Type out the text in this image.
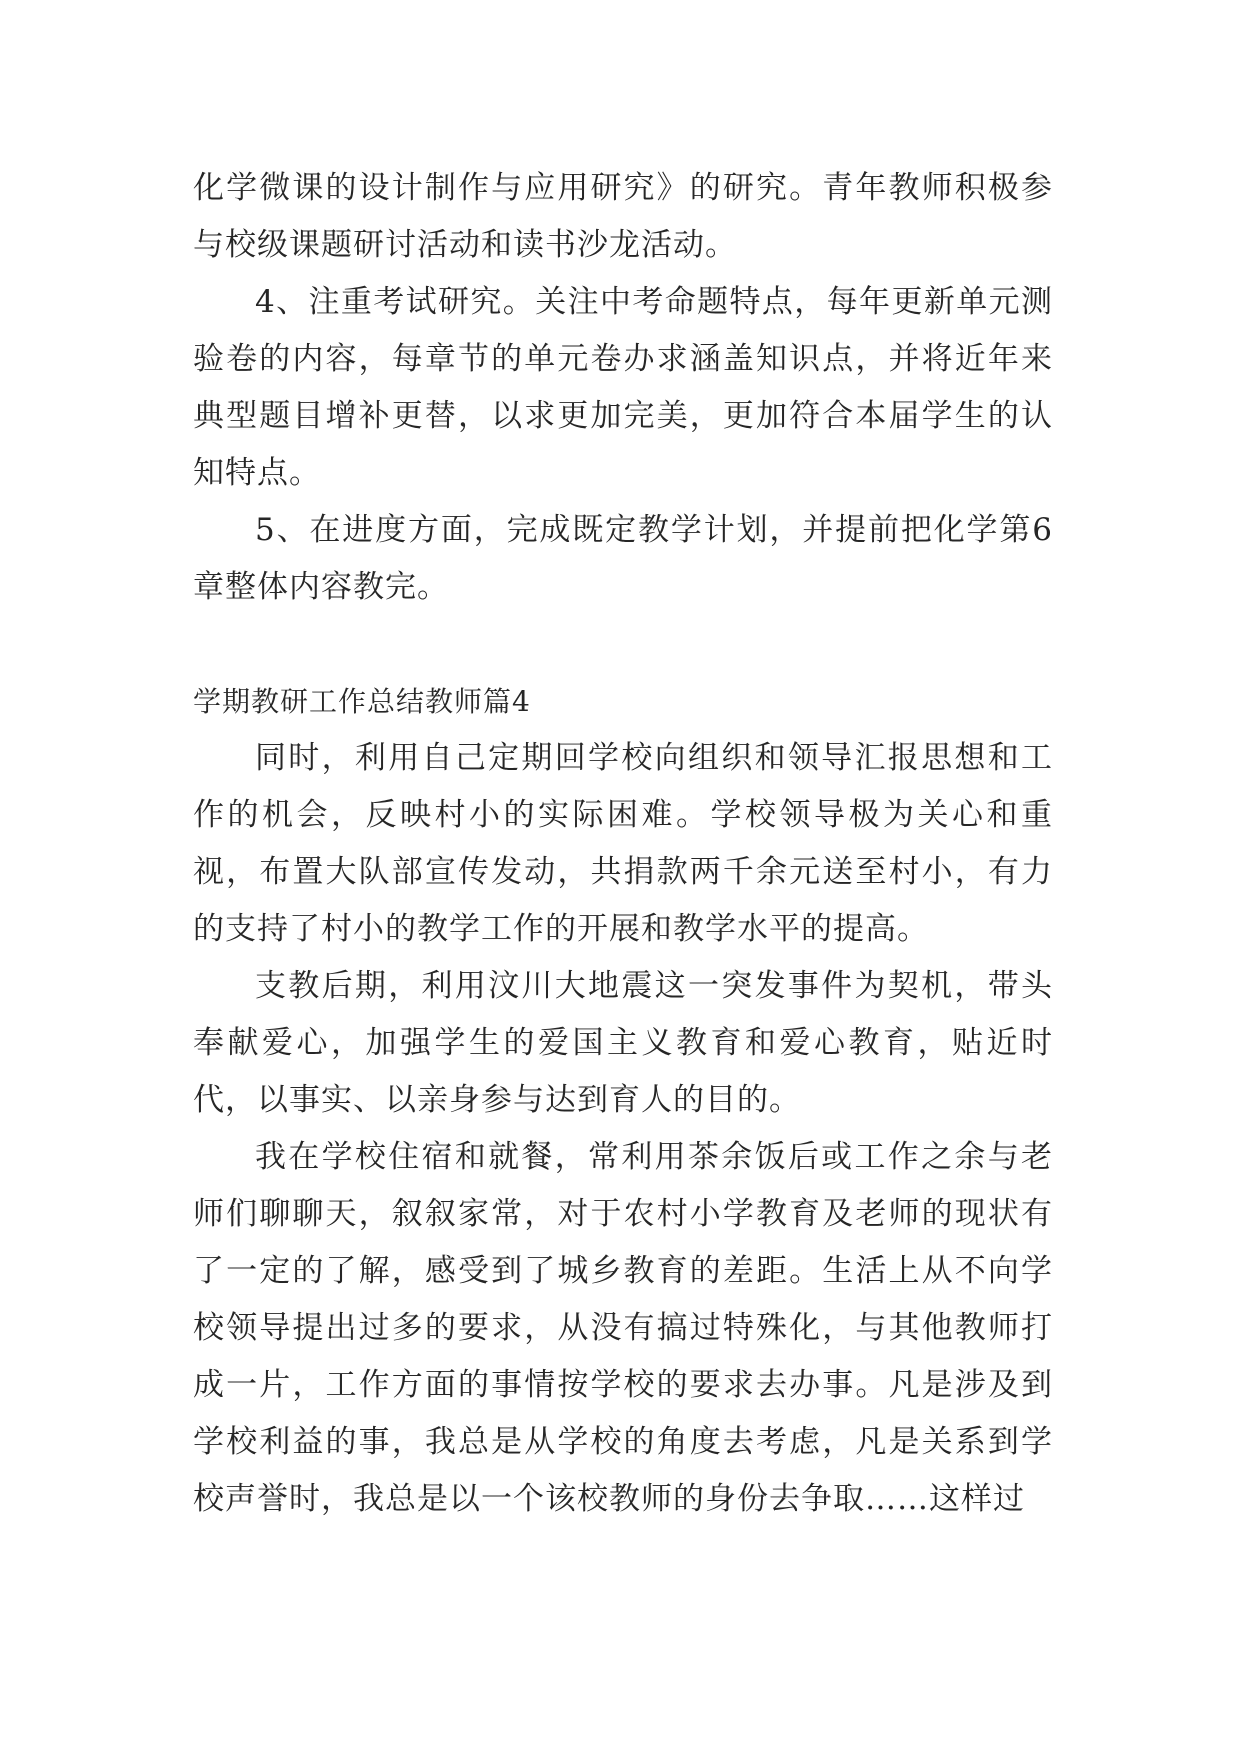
化学微课的设计制作与应用研究》的研究。青年教师积极参与校级课题研讨活动和读书沙龙活动。

4、注重考试研究。关注中考命题特点，每年更新单元测验卷的内容，每章节的单元卷办求涵盖知识点，并将近年来典型题目增补更替，以求更加完美，更加符合本届学生的认知特点。

5、在进度方面，完成既定教学计划，并提前把化学第6章整体内容教完。

学期教研工作总结教师篇4

同时，利用自己定期回学校向组织和领导汇报思想和工作的机会，反映村小的实际困难。学校领导极为关心和重视，布置大队部宣传发动，共捐款两千余元送至村小，有力的支持了村小的教学工作的开展和教学水平的提高。

支教后期，利用汶川大地震这一突发事件为契机，带头奉献爱心，加强学生的爱国主义教育和爱心教育，贴近时代，以事实、以亲身参与达到育人的目的。

我在学校住宿和就餐，常利用茶余饭后或工作之余与老师们聊聊天，叙叙家常，对于农村小学教育及老师的现状有了一定的了解，感受到了城乡教育的差距。生活上从不向学校领导提出过多的要求，从没有搞过特殊化，与其他教师打成一片，工作方面的事情按学校的要求去办事。凡是涉及到学校利益的事，我总是从学校的角度去考虑，凡是关系到学校声誉时，我总是以一个该校教师的身份去争取……这样过
